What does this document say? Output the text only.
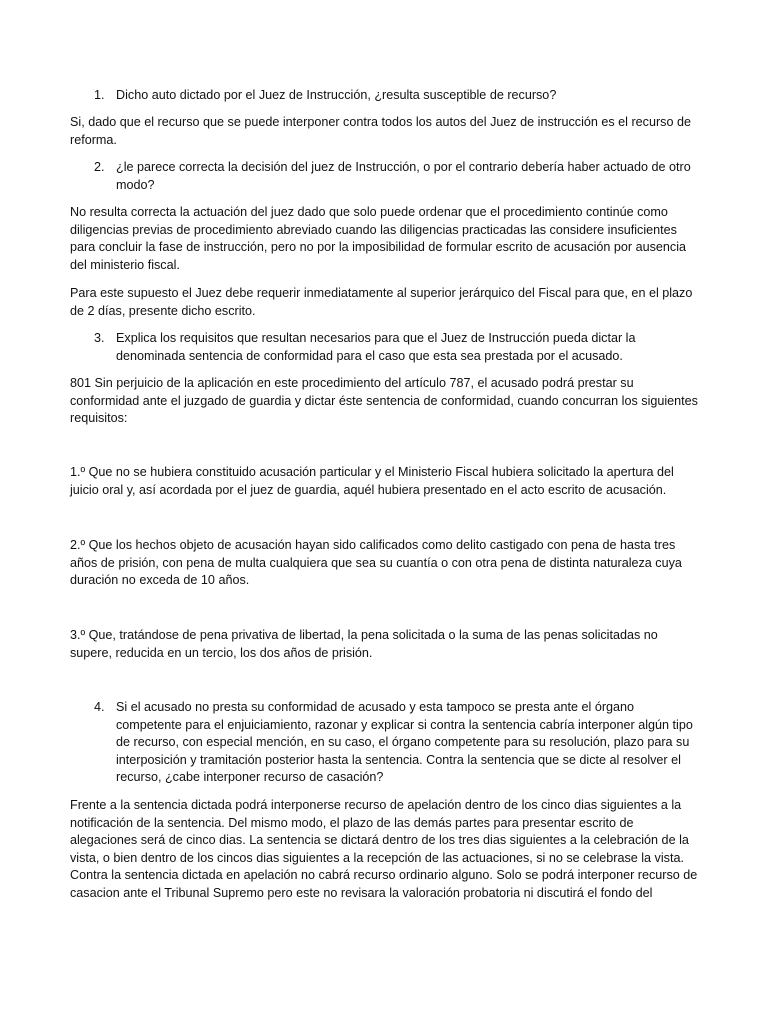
1. Dicho auto dictado por el Juez de Instrucción, ¿resulta susceptible de recurso?

Si, dado que el recurso que se puede interponer contra todos los autos del Juez de instrucción es el recurso de reforma.

2. ¿le parece correcta la decisión del juez de Instrucción, o por el contrario debería haber actuado de otro modo?

No resulta correcta la actuación del juez dado que solo puede ordenar que el procedimiento continúe como diligencias previas de procedimiento abreviado cuando las diligencias practicadas las considere insuficientes para concluir la fase de instrucción, pero no por la imposibilidad de formular escrito de acusación por ausencia del ministerio fiscal.

Para este supuesto el Juez debe requerir inmediatamente al superior jerárquico del Fiscal para que, en el plazo de 2 días, presente dicho escrito.

3. Explica los requisitos que resultan necesarios para que el Juez de Instrucción pueda dictar la denominada sentencia de conformidad para el caso que esta sea prestada por el acusado.

801 Sin perjuicio de la aplicación en este procedimiento del artículo 787, el acusado podrá prestar su conformidad ante el juzgado de guardia y dictar éste sentencia de conformidad, cuando concurran los siguientes requisitos:

1.º Que no se hubiera constituido acusación particular y el Ministerio Fiscal hubiera solicitado la apertura del juicio oral y, así acordada por el juez de guardia, aquél hubiera presentado en el acto escrito de acusación.

2.º Que los hechos objeto de acusación hayan sido calificados como delito castigado con pena de hasta tres años de prisión, con pena de multa cualquiera que sea su cuantía o con otra pena de distinta naturaleza cuya duración no exceda de 10 años.

3.º Que, tratándose de pena privativa de libertad, la pena solicitada o la suma de las penas solicitadas no supere, reducida en un tercio, los dos años de prisión.

4. Si el acusado no presta su conformidad de acusado y esta tampoco se presta ante el órgano competente para el enjuiciamiento, razonar y explicar si contra la sentencia cabría interponer algún tipo de recurso, con especial mención, en su caso, el órgano competente para su resolución, plazo para su interposición y tramitación posterior hasta la sentencia. Contra la sentencia que se dicte al resolver el recurso, ¿cabe interponer recurso de casación?

Frente a la sentencia dictada podrá interponerse recurso de apelación dentro de los cinco dias siguientes a la notificación de la sentencia. Del mismo modo, el plazo de las demás partes para presentar escrito de alegaciones será de cinco dias. La sentencia se dictará dentro de los tres dias siguientes a la celebración de la vista, o bien dentro de los cincos dias siguientes a la recepción de las actuaciones, si no se celebrase la vista. Contra la sentencia dictada en apelación no cabrá recurso ordinario alguno. Solo se podrá interponer recurso de casacion ante el Tribunal Supremo pero este no revisara la valoración probatoria ni discutirá el fondo del
